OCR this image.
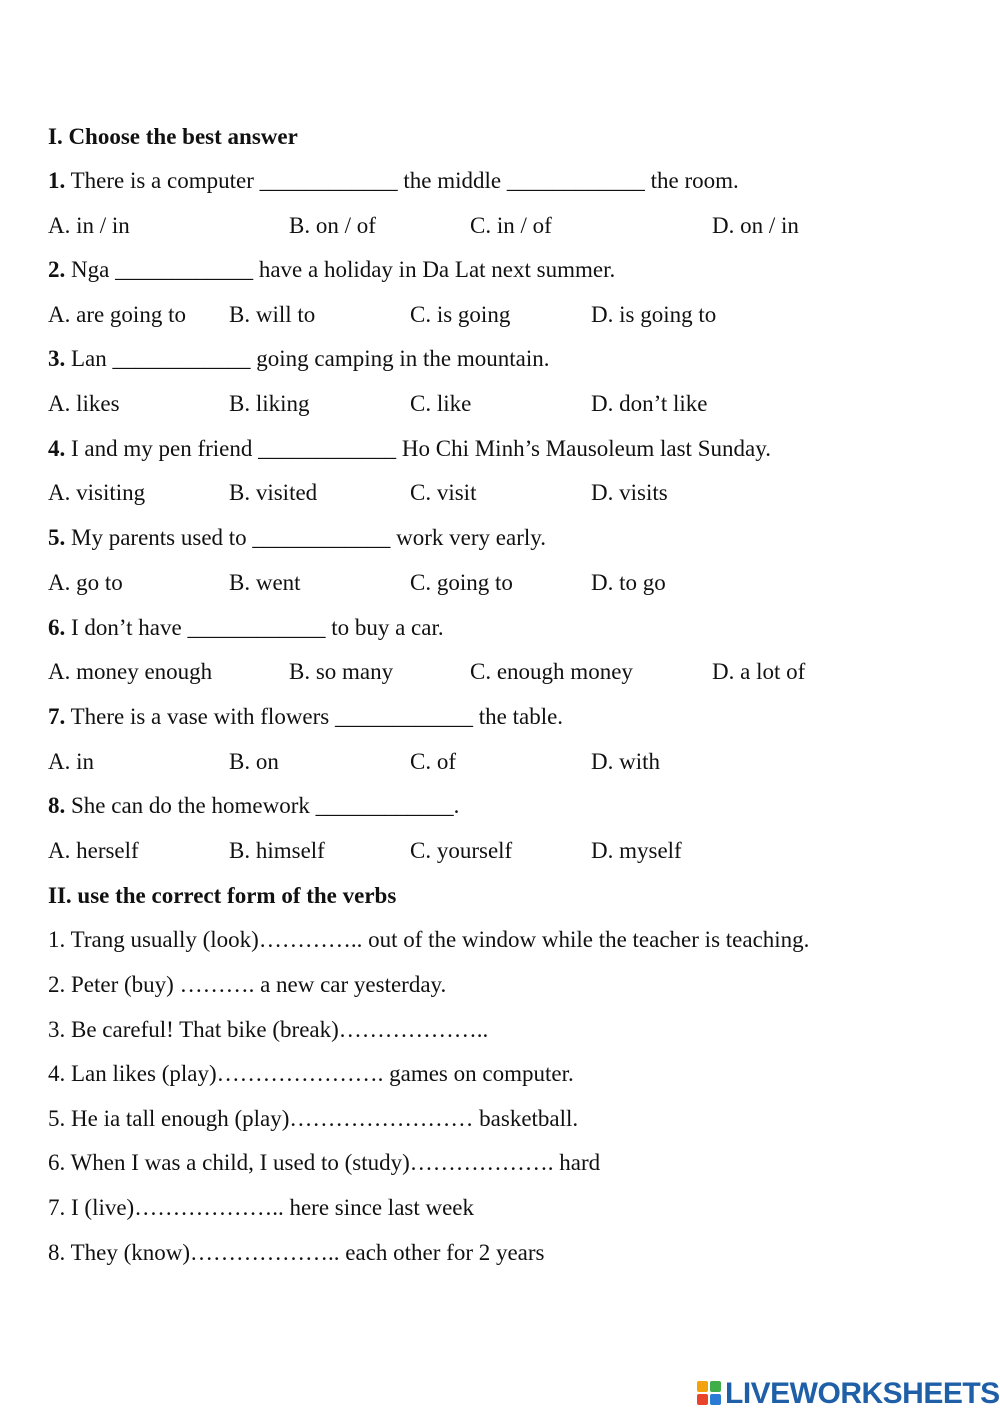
I. Choose the best answer
1. There is a computer ____________ the middle ____________ the room.
A. in / in	B. on / of	C. in / of	D. on / in
2. Nga ____________ have a holiday in Da Lat next summer.
A. are going to B. will to	C. is going	D. is going to
3. Lan ____________ going camping in the mountain.
A. likes	B. liking	C. like	D. don’t like
4. I and my pen friend ____________ Ho Chi Minh’s Mausoleum last Sunday.
A. visiting	B. visited	C. visit	D. visits
5. My parents used to ____________ work very early.
A. go to	B. went	C. going to	D. to go
6. I don’t have ____________ to buy a car.
A. money enough	B. so many	C. enough money	D. a lot of
7. There is a vase with flowers ____________ the table.
A. in	B. on	C. of	D. with
8. She can do the homework ____________.
A. herself	B. himself	C. yourself	D. myself
II. use the correct form of the verbs
1. Trang usually (look)………….. out of the window while the teacher is teaching.
2. Peter (buy) ………. a new car yesterday.
3. Be careful! That bike (break)………………..
4. Lan likes (play)…………………. games on computer.
5. He ia tall enough (play)…………………… basketball.
6. When I was a child, I used to (study)………………. hard
7. I (live)……………….. here since last week
8. They (know)……………….. each other for 2 years
LIVEWORKSHEETS
